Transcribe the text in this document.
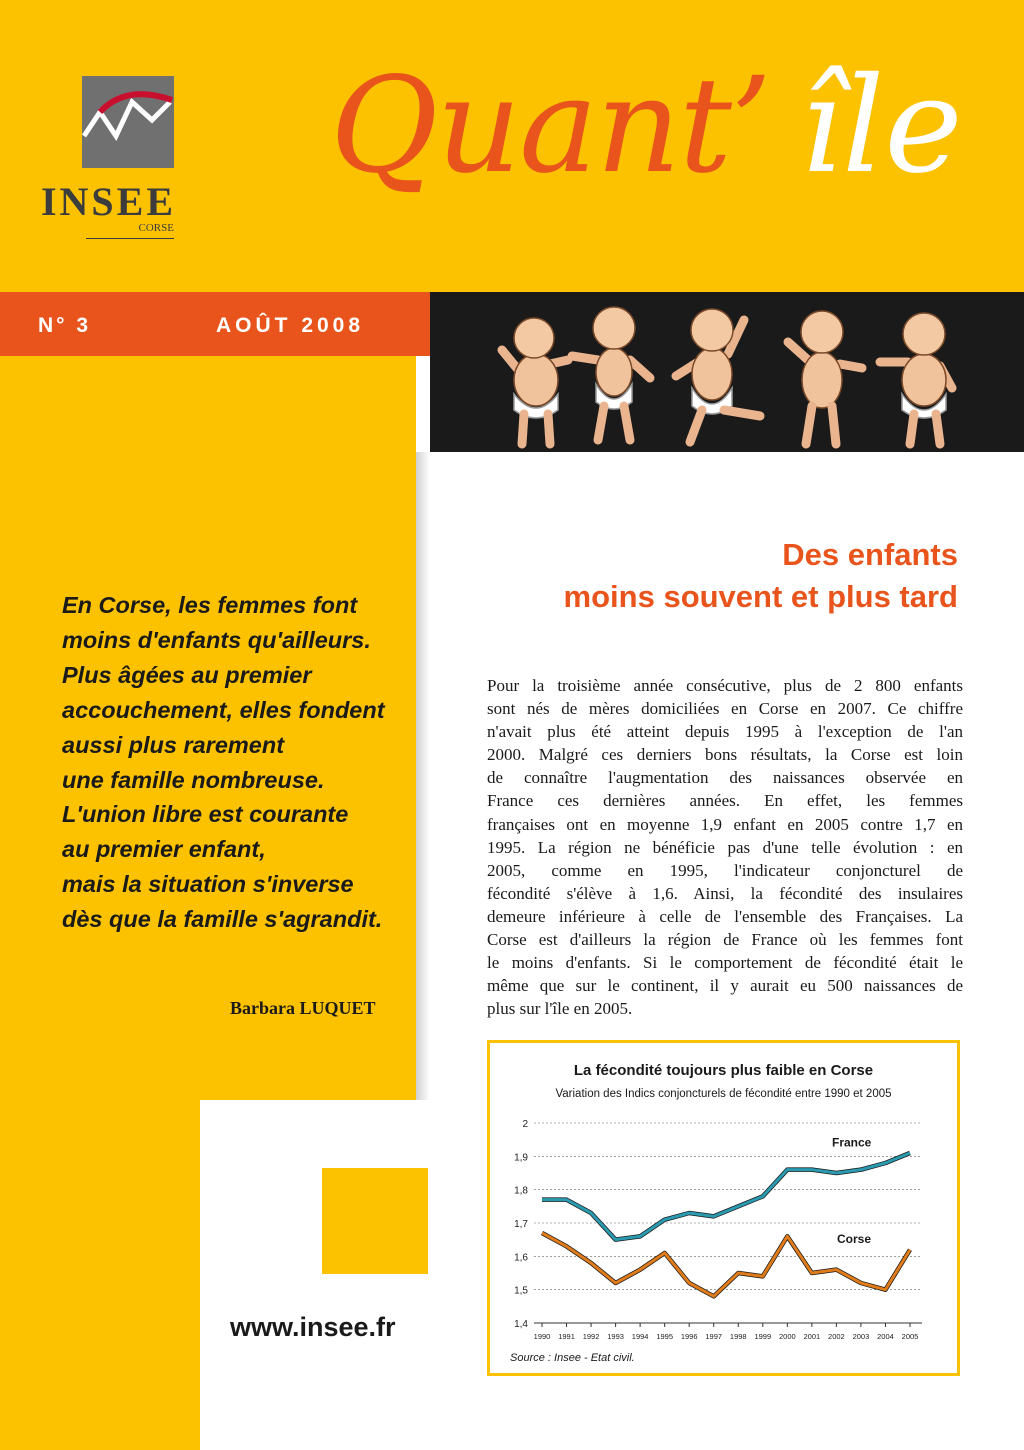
INSEE
CORSE
Quant’ île
N° 3	AOÛT 2008
En Corse, les femmes font
moins d'enfants qu'ailleurs.
Plus âgées au premier
accouchement, elles fondent
aussi plus rarement
une famille nombreuse.
L'union libre est courante
au premier enfant,
mais la situation s'inverse
dès que la famille s'agrandit.
Barbara LUQUET
www.insee.fr
Des enfants
moins souvent et plus tard
Pour la troisième année consécutive, plus de 2 800 enfants
sont nés de mères domiciliées en Corse en 2007. Ce chiffre
n'avait plus été atteint depuis 1995 à l'exception de l'an
2000. Malgré ces derniers bons résultats, la Corse est loin
de connaître l'augmentation des naissances observée en
France ces dernières années. En effet, les femmes
françaises ont en moyenne 1,9 enfant en 2005 contre 1,7 en
1995. La région ne bénéficie pas d'une telle évolution : en
2005, comme en 1995, l'indicateur conjoncturel de
fécondité s'élève à 1,6. Ainsi, la fécondité des insulaires
demeure inférieure à celle de l'ensemble des Françaises. La
Corse est d'ailleurs la région de France où les femmes font
le moins d'enfants. Si le comportement de fécondité était le
même que sur le continent, il y aurait eu 500 naissances de
plus sur l'île en 2005.
La fécondité toujours plus faible en Corse
Variation des Indics conjoncturels de fécondité entre 1990 et 2005
2
1,9
1,8
1,7
1,6
1,5
1,4
1990 1991 1992 1993 1994 1995 1996 1997 1998 1999 2000 2001 2002 2003 2004 2005
France
Corse
Source : Insee - Etat civil.
